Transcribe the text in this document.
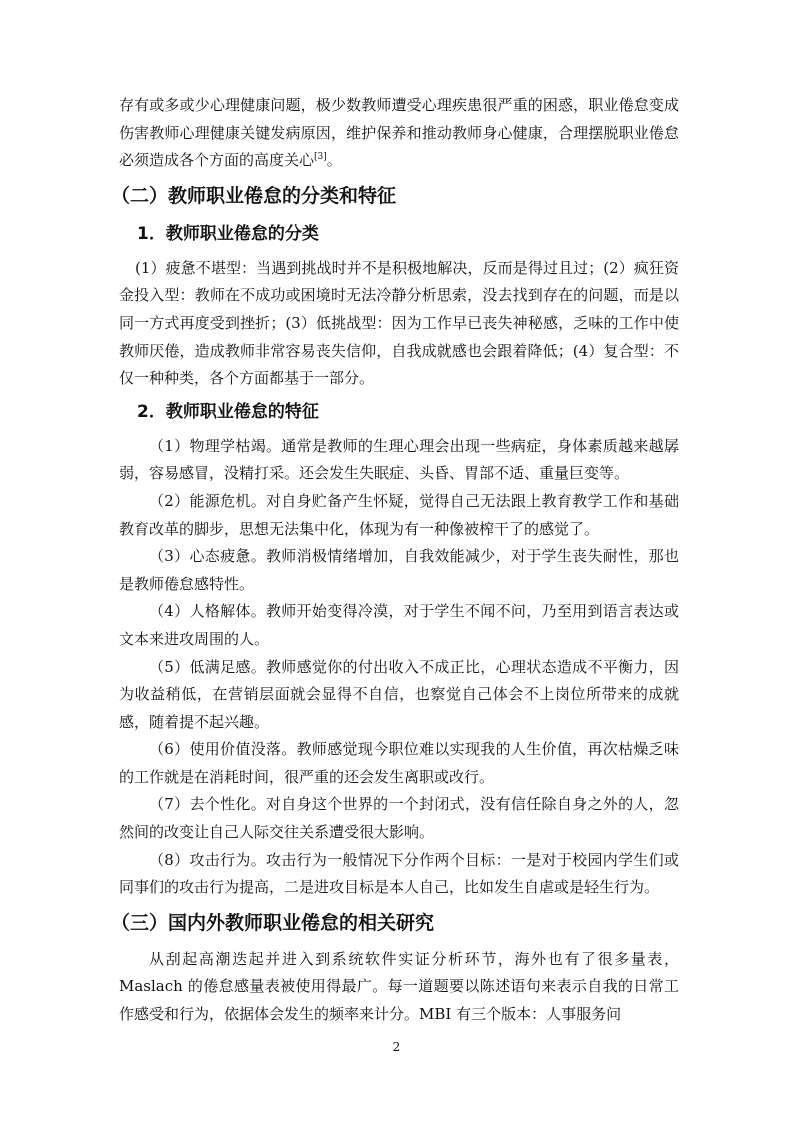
存有或多或少心理健康问题，极少数教师遭受心理疾患很严重的困惑，职业倦怠变成伤害教师心理健康关键发病原因，维护保养和推动教师身心健康，合理摆脱职业倦怠必须造成各个方面的高度关心[3]。

（二）教师职业倦怠的分类和特征
1．教师职业倦怠的分类

(1）疲惫不堪型：当遇到挑战时并不是积极地解决，反而是得过且过；(2）疯狂资金投入型：教师在不成功或困境时无法冷静分析思索，没去找到存在的问题，而是以同一方式再度受到挫折；(3）低挑战型：因为工作早已丧失神秘感，乏味的工作中使教师厌倦，造成教师非常容易丧失信仰，自我成就感也会跟着降低；(4）复合型：不仅一种种类，各个方面都基于一部分。

2．教师职业倦怠的特征

（1）物理学枯竭。通常是教师的生理心理会出现一些病症，身体素质越来越孱弱，容易感冒，没精打采。还会发生失眠症、头昏、胃部不适、重量巨变等。

（2）能源危机。对自身贮备产生怀疑，觉得自己无法跟上教育教学工作和基础教育改革的脚步，思想无法集中化，体现为有一种像被榨干了的感觉了。

（3）心态疲惫。教师消极情绪增加，自我效能减少，对于学生丧失耐性，那也是教师倦怠感特性。

（4）人格解体。教师开始变得冷漠，对于学生不闻不问，乃至用到语言表达或文本来进攻周围的人。

（5）低满足感。教师感觉你的付出收入不成正比，心理状态造成不平衡力，因为收益稍低，在营销层面就会显得不自信，也察觉自己体会不上岗位所带来的成就感，随着提不起兴趣。

（6）使用价值没落。教师感觉现今职位难以实现我的人生价值，再次枯燥乏味的工作就是在消耗时间，很严重的还会发生离职或改行。

（7）去个性化。对自身这个世界的一个封闭式，没有信任除自身之外的人，忽然间的改变让自己人际交往关系遭受很大影响。

（8）攻击行为。攻击行为一般情况下分作两个目标：一是对于校园内学生们或同事们的攻击行为提高，二是进攻目标是本人自己，比如发生自虐或是轻生行为。

（三）国内外教师职业倦怠的相关研究

从刮起高潮迭起并进入到系统软件实证分析环节，海外也有了很多量表，Maslach 的倦怠感量表被使用得最广。每一道题要以陈述语句来表示自我的日常工作感受和行为，依据体会发生的频率来计分。MBI 有三个版本：人事服务问

2
